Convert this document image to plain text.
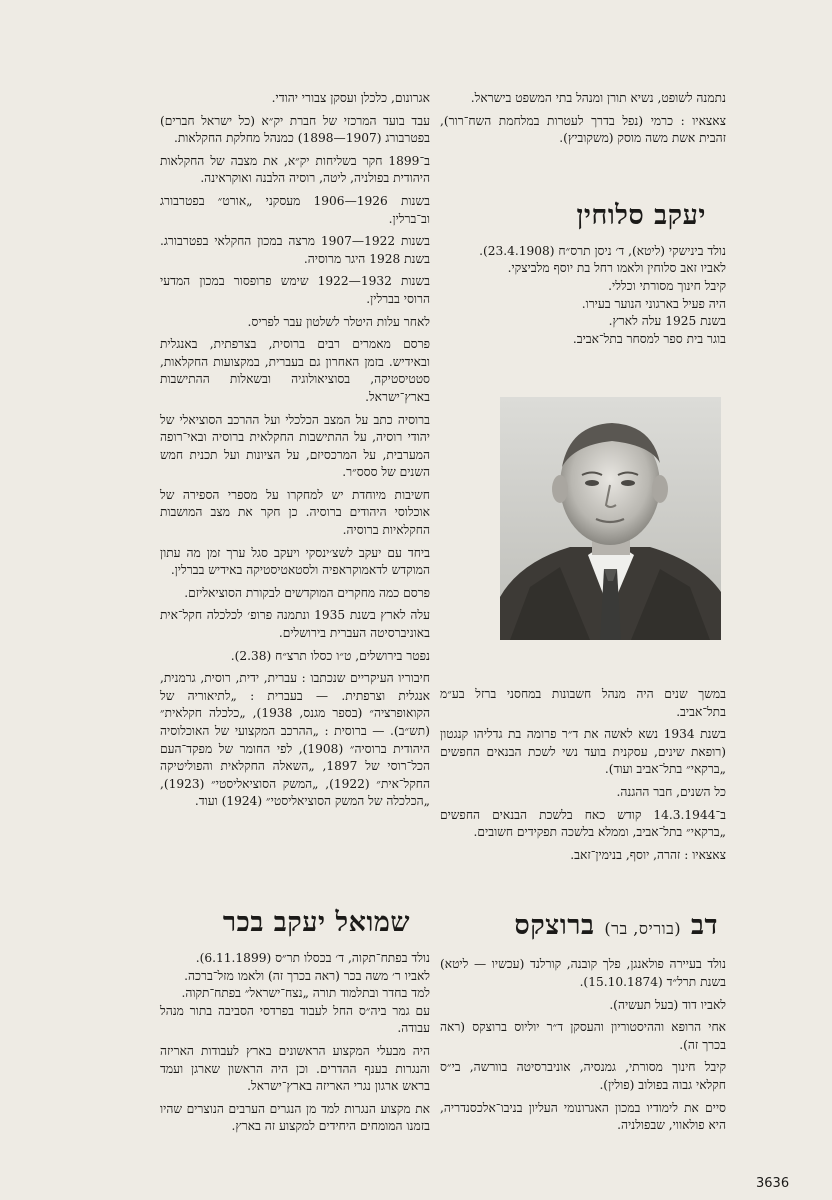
נתמנה לשופט, נשיא תורן ומנהל בתי המשפט בישראל.

צאצאיו : כרמי (נפל בדרך לעטרות במלחמת השח־רור), זהבית אשת משה מוסק (משקוביץ).

יעקב סלוחין

נולד בינישקי (ליטא), ד׳ ניסן תרס״ח (23.4.1908).

לאביו זאב סלוחין ולאמו רחל בת יוסף מלביצקי.

קיבל חינוך מסורתי וכללי.

היה פעיל בארגוני הנוער בעירו.

בשנת 1925 עלה לארץ.

בוגר בית ספר למסחר בתל־אביב.

במשך שנים היה מנהל חשבונות במחסני ברזל בע״מ בתל־אביב.

בשנת 1934 נשא לאשה את ד״ר פרומה בת גדליהו קנגטון (רופאת שינים, עסקנית בועד נשי לשכת הבנאים החפשים „ברקאי״ בתל־אביב ועוד).

כל השנים, חבר ההגנה.

ב־14.3.1944 קודש כאח בלשכת הבנאים החפשים „ברקאי״ בתל־אביב, וממלא בלשכה תפקידים חשובים.

צאצאיו : זהרה, יוסף, בנימין־זאב.

דב (בוריס, בר) ברוצקס

נולד בעיירה פולאנגן, פלך קובנה, קורלנד (עכשיו — ליטא) בשנת תרל״ד (15.10.1874).

לאביו דוד (בעל תעשיה).

אחי הרופא וההיסטוריון והעסקן ד״ר יוליוס ברוצקס (ראה בכרך זה).

קיבל חינוך מסורתי, גמנסיה, אוניברסיטה בוורשה, בי״ס חקלאי גבוה בפולוב (פולין).

סיים את לימודיו במכון האגרונומי העליון בניבו־אלכסנדריה, היא פולאווי, שבפולניה.

אגרונום, כלכלן ועסקן צבורי יהודי.

עבד בועד המרכזי של חברת יק״א (כל ישראל חברים) בפטרבורג (1907—1898) כמנהל מחלקת החקלאות.

ב־1899 חקר בשליחות יק״א, את מצבה של החקלאות היהודית בפולניה, ליטה, רוסיה הלבנה ואוקראינה.

בשנות 1926—1906 מעסקני „אורט״ בפטרבורג וב־ברלין.

בשנות 1922—1907 מרצה במכון החקלאי בפטרבורג. בשנת 1928 היגר מרוסיה.

בשנות 1932—1922 שימש פרופסור במכון המדעי הרוסי בברלין.

לאחר עלות היטלר לשלטון עבר לפריס.

פרסם מאמרים רבים ברוסית, בצרפתית, באנגלית ובאידיש. בזמן האחרון גם בעברית, במקצועות החקלאות, סטטיסטיקה, בסוציאולוגיה ובשאלות ההתישבות בארץ־ישראל.

ברוסיה כתב על המצב הכלכלי ועל ההרכב הסוציאלי של יהודי רוסיה, על ההתישבות החקלאית ברוסיה ובאי־רופה המערבית, על המרכסיזם, על הציונות ועל תכנית חמש השנים של ססס״ר.

חשיבות מיוחדת יש למחקרו על מספרי הספירה של אוכלוסי היהודים ברוסיה. כן חקר את מצב המושבות החקלאיות ברוסיה.

ביחד עם יעקב לשצ׳ינסקי ויעקב סגל ערך זמן מה עתון המוקדש לדאמוקראפיה ולסטאטיסטיקה באידיש בברלין.

פרסם כמה מחקרים המוקדשים לבקורת הסוציאליזם.

עלה לארץ בשנת 1935 ונתמנה פרופ׳ לכלכלה חקל־אית באוניברסיטה העברית בירושלים.

נפטר בירושלים, ט״ו כסלו תרצ״ח (2.38).

חיבוריו העיקריים שנכתבו : עברית, ידית, רוסית, גרמנית, אנגלית וצרפתית. — בעברית : „לתיאוריה של הקואופרציה״ (בספר מגנס, 1938), „כלכלה חקלאית״ (תש״ב). — ברוסית : „ההרכב המקצועי של האוכלוסיה היהודית ברוסיה״ (1908), לפי החומר של מפקד־העם הכל־רוסי של 1897, „השאלה החקלאית והפוליטיקה החקל־אית״ (1922), „המשק הסוציאליסטי״ (1923), „הכלכלה של המשק הסוציאליסטי״ (1924) ועוד.

שמואל יעקב בכר

נולד בפתח־תקוה, ד׳ בכסלו תר״ס (6.11.1899).

לאביו ר׳ משה בכר (ראה בכרך זה) ולאמו מזל־ברכה.

למד בחדר ובתלמוד תורה „נצח־ישראל״ בפתח־תקוה.

עם גמר ביה״ס החל לעבוד בפרדסי הסביבה בתור מנהל עבודה.

היה מבעלי המקצוע הראשונים בארץ לעבודות האריזה והנגרות בענף ההדרים. וכן היה הראשון שארגן ועמד בראש ארגון נגרי האריזה בארץ־ישראל.

את מקצוע הנגרות למד מן הנגרים הערבים הנוצרים שהיו בזמנו המומחים היחידים למקצוע זה בארץ.

3636
